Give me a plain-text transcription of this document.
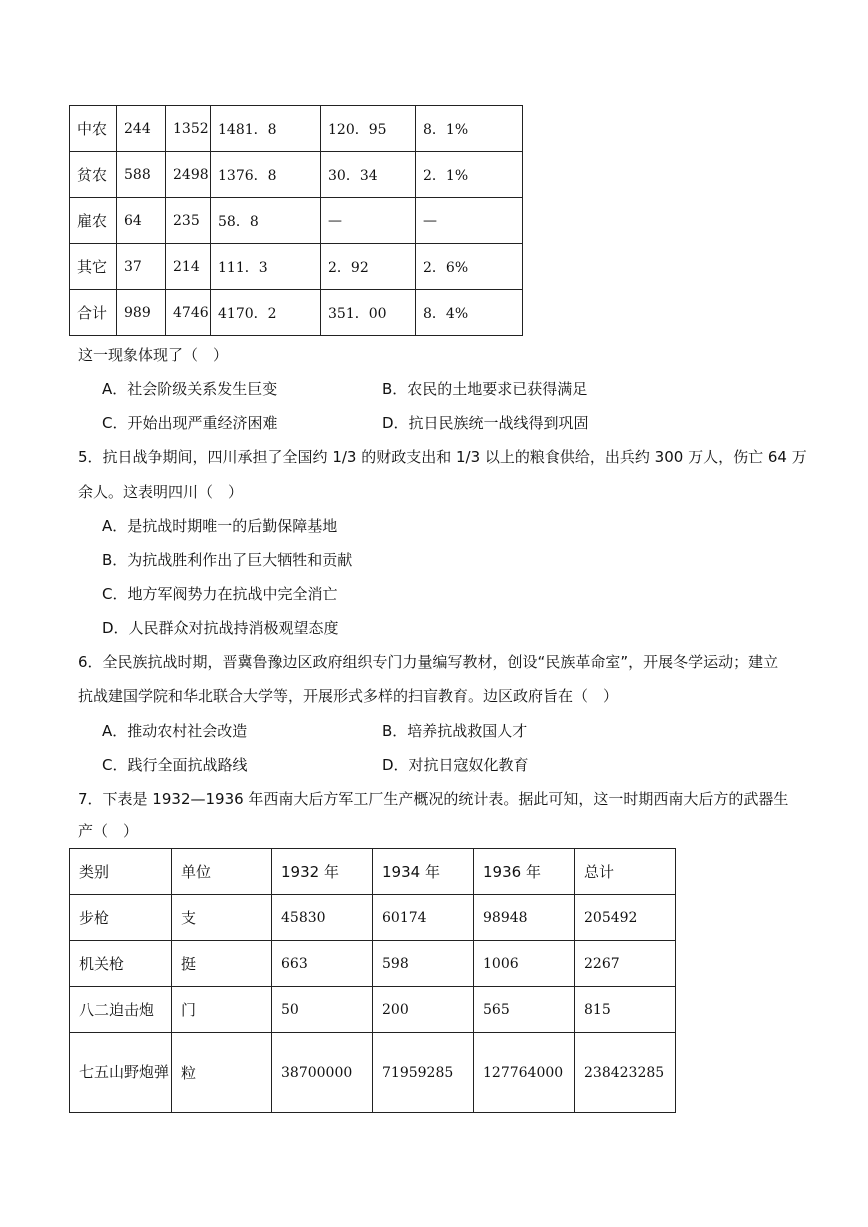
中农	244	1352	1481．8	120．95	8．1%
贫农	588	2498	1376．8	30．34	2．1%
雇农	64	235	58．8	—	—
其它	37	214	111．3	2．92	2．6%
合计	989	4746	4170．2	351．00	8．4%
这一现象体现了（　）
A．社会阶级关系发生巨变	B．农民的土地要求已获得满足
C．开始出现严重经济困难	D．抗日民族统一战线得到巩固
5．抗日战争期间，四川承担了全国约 1/3 的财政支出和 1/3 以上的粮食供给，出兵约 300 万人，伤亡 64 万
余人。这表明四川（　）
A．是抗战时期唯一的后勤保障基地
B．为抗战胜利作出了巨大牺牲和贡献
C．地方军阀势力在抗战中完全消亡
D．人民群众对抗战持消极观望态度
6．全民族抗战时期，晋冀鲁豫边区政府组织专门力量编写教材，创设“民族革命室”，开展冬学运动；建立
抗战建国学院和华北联合大学等，开展形式多样的扫盲教育。边区政府旨在（　）
A．推动农村社会改造	B．培养抗战救国人才
C．践行全面抗战路线	D．对抗日寇奴化教育
7．下表是 1932—1936 年西南大后方军工厂生产概况的统计表。据此可知，这一时期西南大后方的武器生
产（　）
类别	单位	1932 年	1934 年	1936 年	总计
步枪	支	45830	60174	98948	205492
机关枪	挺	663	598	1006	2267
八二迫击炮	门	50	200	565	815
七五山野炮弹	粒	38700000	71959285	127764000	238423285
